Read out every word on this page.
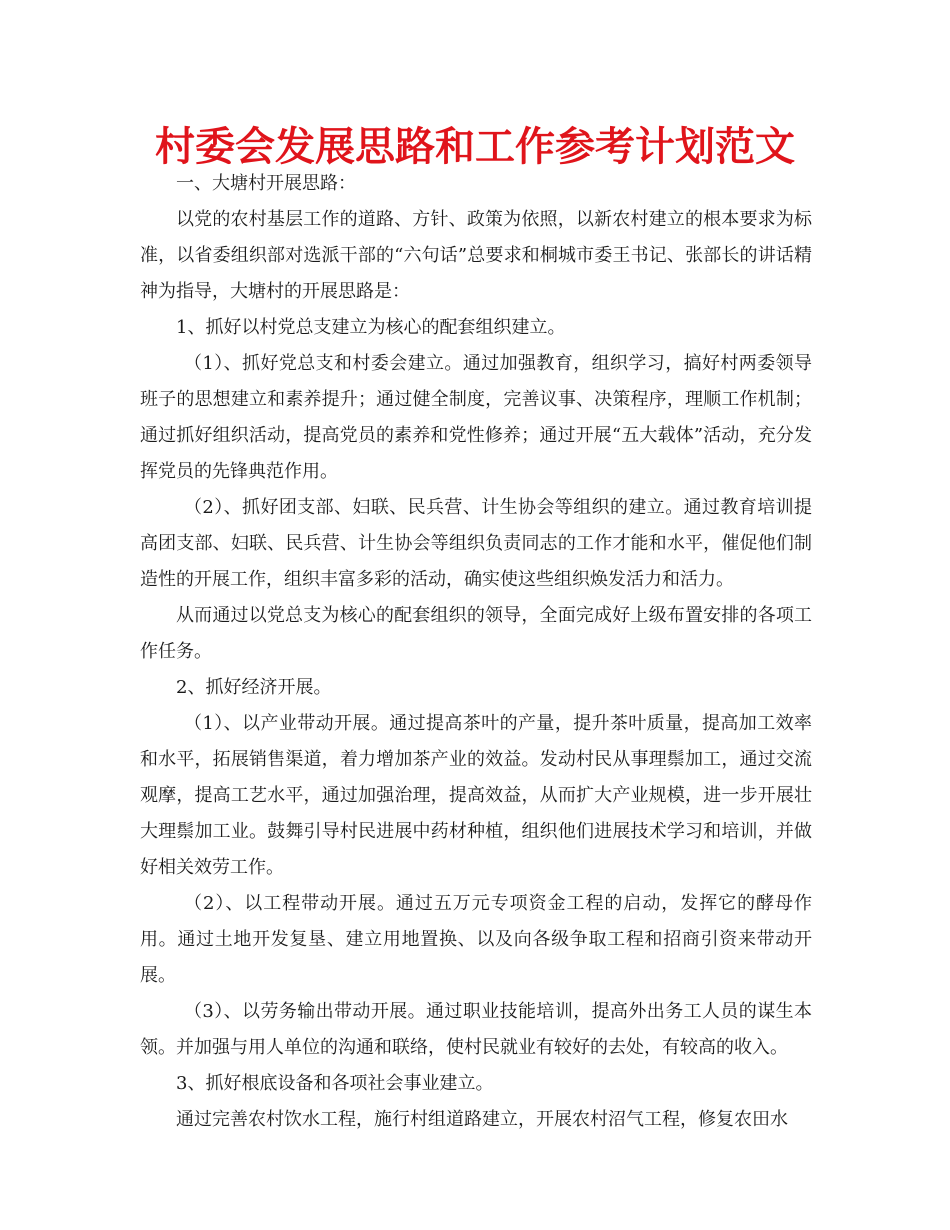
村委会发展思路和工作参考计划范文

一、大塘村开展思路：

以党的农村基层工作的道路、方针、政策为依照，以新农村建立的根本要求为标准，以省委组织部对选派干部的“六句话”总要求和桐城市委王书记、张部长的讲话精神为指导，大塘村的开展思路是：

1、抓好以村党总支建立为核心的配套组织建立。

（1）、抓好党总支和村委会建立。通过加强教育，组织学习，搞好村两委领导班子的思想建立和素养提升；通过健全制度，完善议事、决策程序，理顺工作机制；通过抓好组织活动，提高党员的素养和党性修养；通过开展“五大载体”活动，充分发挥党员的先锋典范作用。

（2）、抓好团支部、妇联、民兵营、计生协会等组织的建立。通过教育培训提高团支部、妇联、民兵营、计生协会等组织负责同志的工作才能和水平，催促他们制造性的开展工作，组织丰富多彩的活动，确实使这些组织焕发活力和活力。

从而通过以党总支为核心的配套组织的领导，全面完成好上级布置安排的各项工作任务。

2、抓好经济开展。

（1）、以产业带动开展。通过提高茶叶的产量，提升茶叶质量，提高加工效率和水平，拓展销售渠道，着力增加茶产业的效益。发动村民从事理鬃加工，通过交流观摩，提高工艺水平，通过加强治理，提高效益，从而扩大产业规模，进一步开展壮大理鬃加工业。鼓舞引导村民进展中药材种植，组织他们进展技术学习和培训，并做好相关效劳工作。

（2）、以工程带动开展。通过五万元专项资金工程的启动，发挥它的酵母作用。通过土地开发复垦、建立用地置换、以及向各级争取工程和招商引资来带动开展。

（3）、以劳务输出带动开展。通过职业技能培训，提高外出务工人员的谋生本领。并加强与用人单位的沟通和联络，使村民就业有较好的去处，有较高的收入。

3、抓好根底设备和各项社会事业建立。

通过完善农村饮水工程，施行村组道路建立，开展农村沼气工程，修复农田水
